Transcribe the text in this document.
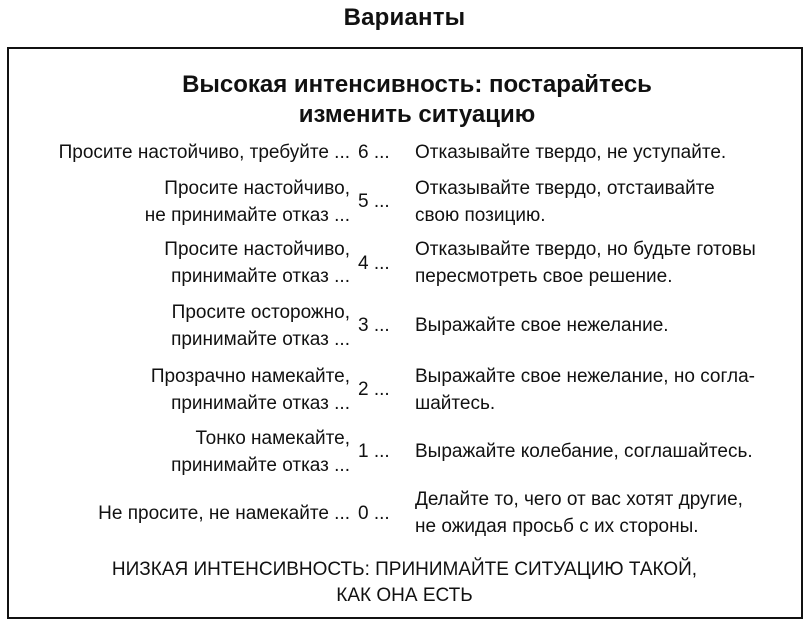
Варианты
Высокая интенсивность: постарайтесь
изменить ситуацию
Просите настойчиво, требуйте ... 6 ... Отказывайте твердо, не уступайте.
Просите настойчиво,
не принимайте отказ ...
5 ...
Отказывайте твердо, отстаивайте
свою позицию.
Просите настойчиво,
принимайте отказ ...
4 ...
Отказывайте твердо, но будьте готовы
пересмотреть свое решение.
Просите осторожно,
принимайте отказ ...
3 ... Выражайте свое нежелание.
Прозрачно намекайте,
принимайте отказ ...
2 ...
Выражайте свое нежелание, но согла-
шайтесь.
Тонко намекайте,
принимайте отказ ...
1 ... Выражайте колебание, соглашайтесь.
Не просите, не намекайте ... 0 ...
Делайте то, чего от вас хотят другие,
не ожидая просьб с их стороны.
НИЗКАЯ ИНТЕНСИВНОСТЬ: ПРИНИМАЙТЕ СИТУАЦИЮ ТАКОЙ,
КАК ОНА ЕСТЬ
